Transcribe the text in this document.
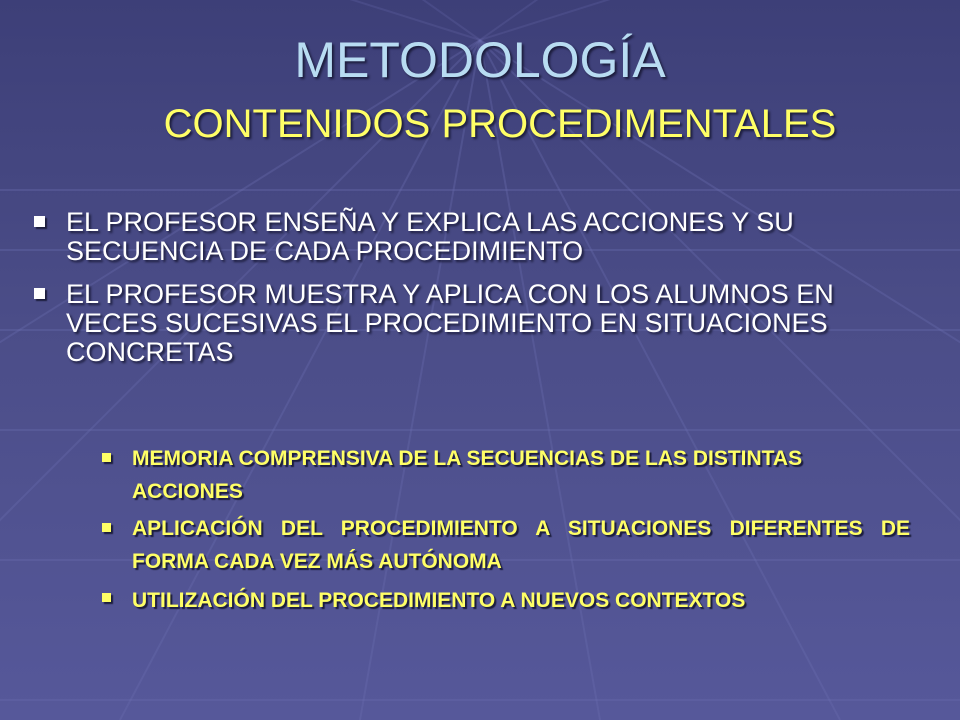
METODOLOGÍA
CONTENIDOS PROCEDIMENTALES
EL PROFESOR ENSEÑA Y EXPLICA LAS ACCIONES Y SU SECUENCIA DE CADA PROCEDIMIENTO
EL PROFESOR MUESTRA Y APLICA CON LOS ALUMNOS EN VECES SUCESIVAS EL PROCEDIMIENTO EN SITUACIONES CONCRETAS
MEMORIA COMPRENSIVA DE LA SECUENCIAS DE LAS DISTINTAS ACCIONES
APLICACIÓN DEL PROCEDIMIENTO A SITUACIONES DIFERENTES DE FORMA CADA VEZ MÁS AUTÓNOMA
UTILIZACIÓN DEL PROCEDIMIENTO A NUEVOS CONTEXTOS
